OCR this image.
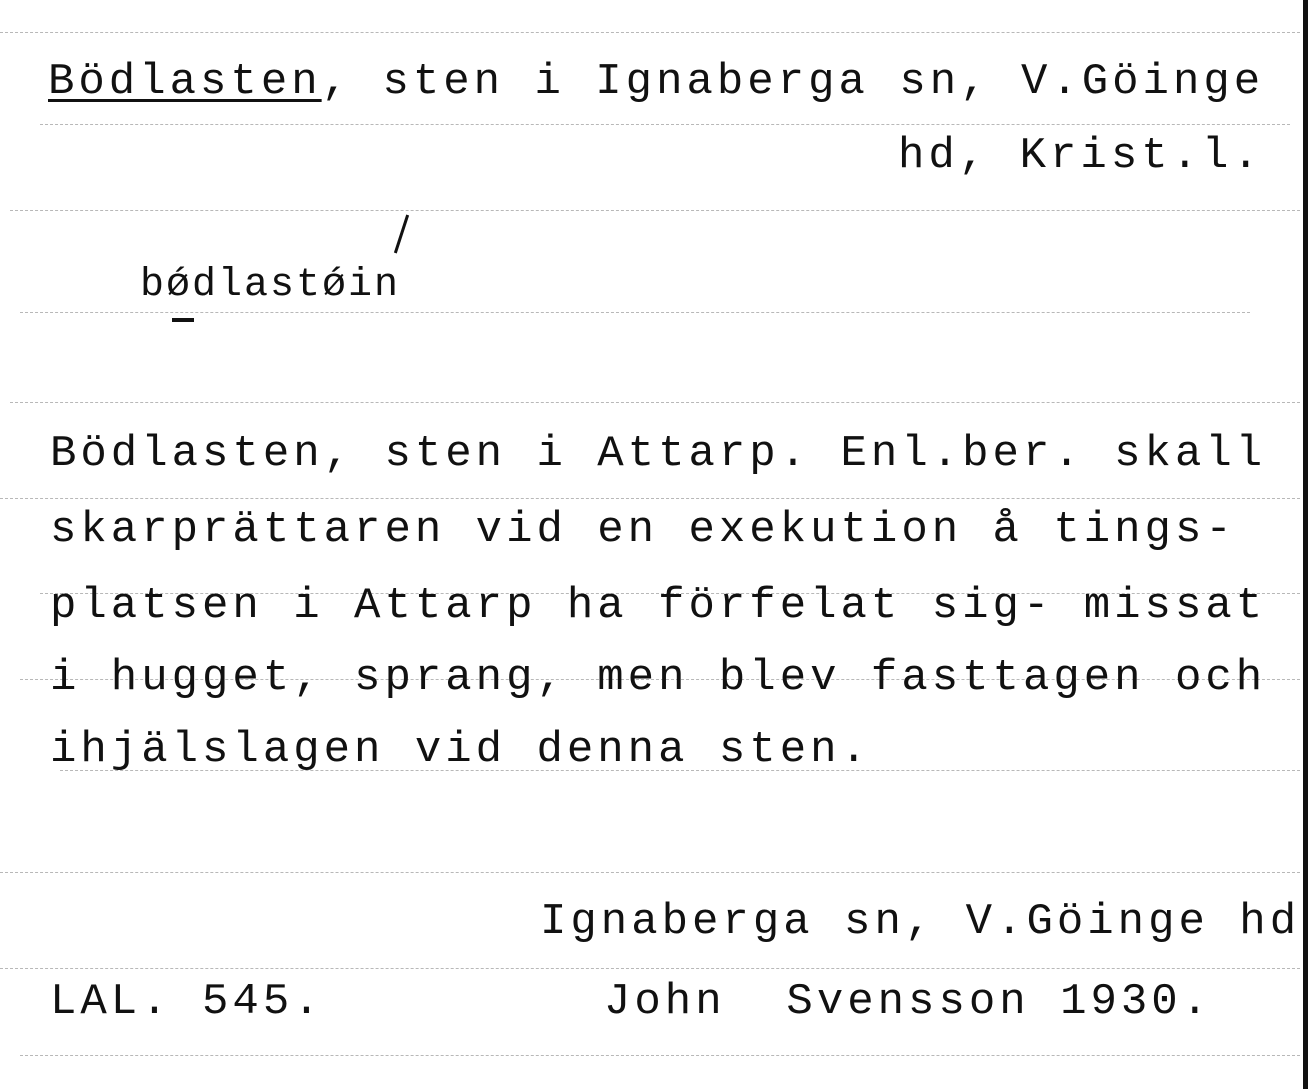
Bödlasten, sten i Ignaberga sn, V.Göinge
hd, Krist.l.
bǿdlastǿin
Bödlasten, sten i Attarp. Enl.ber. skall
skarprättaren vid en exekution å tings-
platsen i Attarp ha förfelat sig- missat
i hugget, sprang, men blev fasttagen och
ihjälslagen vid denna sten.
Ignaberga sn, V.Göinge hd
LAL. 545.	John  Svensson 1930.
